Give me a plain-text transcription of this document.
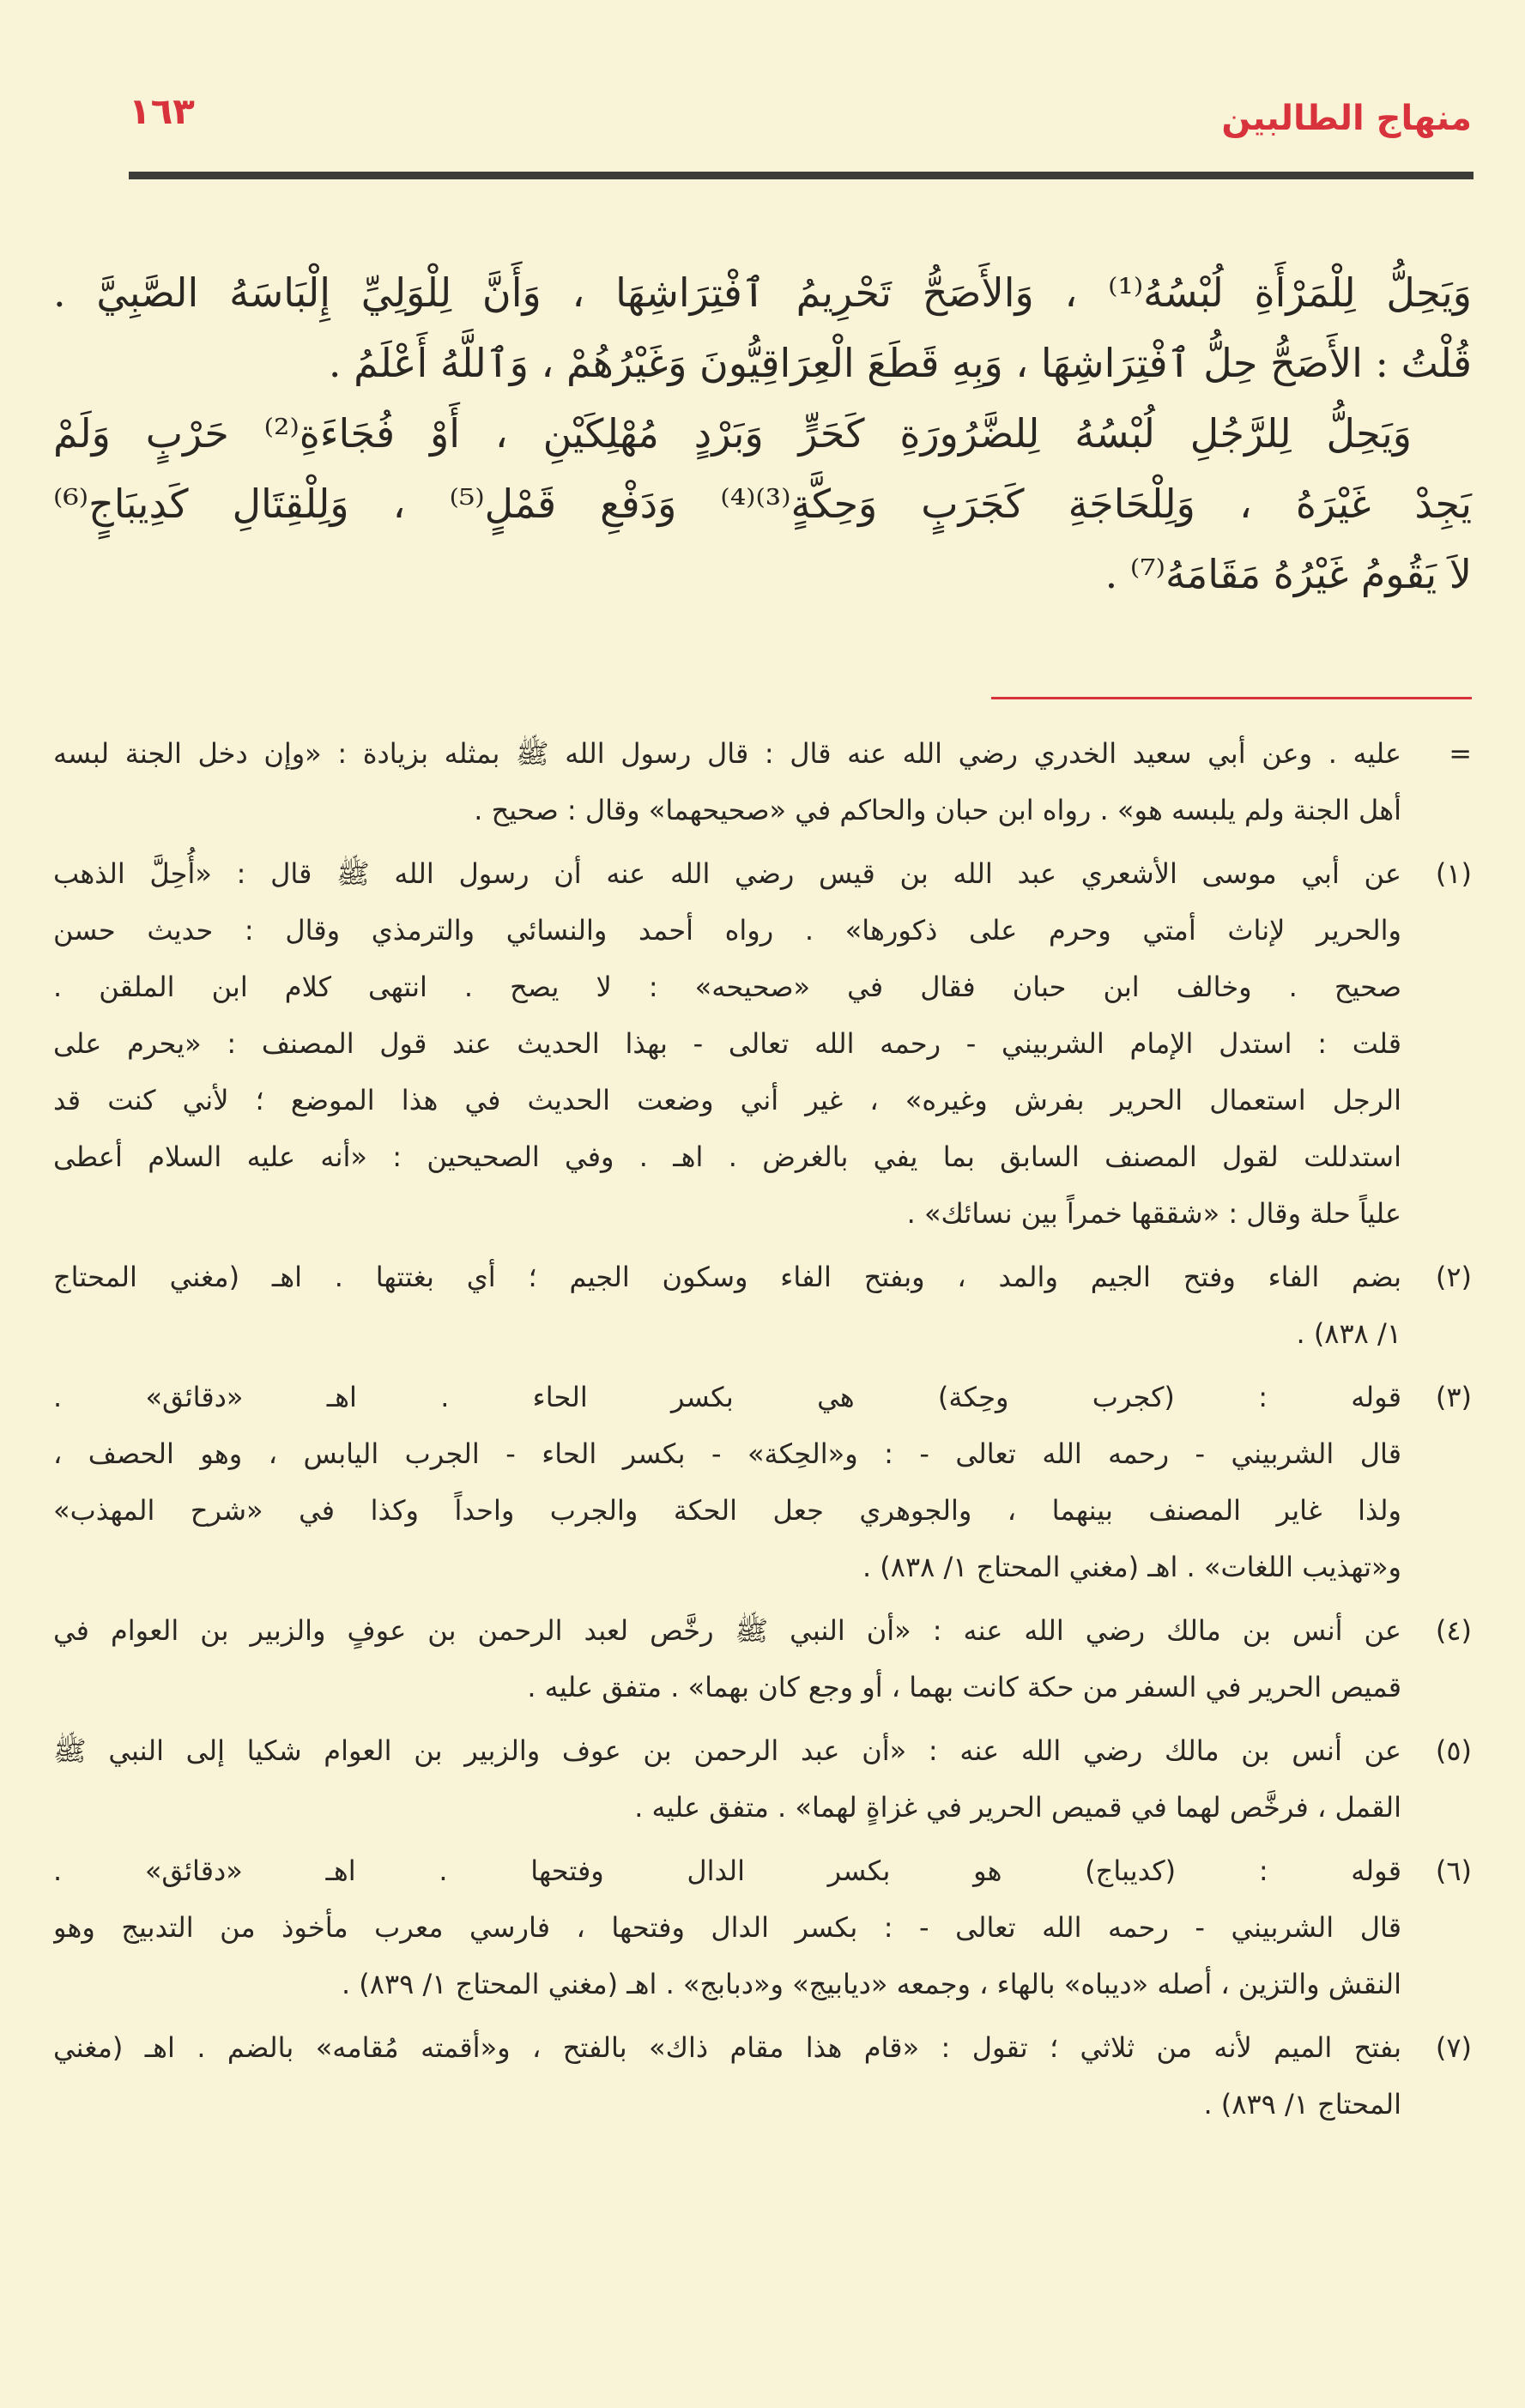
منهاج الطالبين
١٦٣
وَيَحِلُّ لِلْمَرْأَةِ لُبْسُهُ⁽¹⁾ ، وَالأَصَحُّ تَحْرِيمُ ٱفْتِرَاشِهَا ، وَأَنَّ لِلْوَلِيِّ إِلْبَاسَهُ الصَّبِيَّ .
قُلْتُ : الأَصَحُّ حِلُّ ٱفْتِرَاشِهَا ، وَبِهِ قَطَعَ الْعِرَاقِيُّونَ وَغَيْرُهُمْ ، وَٱللَّهُ أَعْلَمُ .
وَيَحِلُّ لِلرَّجُلِ لُبْسُهُ لِلضَّرُورَةِ كَحَرٍّ وَبَرْدٍ مُهْلِكَيْنِ ، أَوْ فُجَاءَةِ⁽²⁾ حَرْبٍ وَلَمْ
يَجِدْ غَيْرَهُ ، وَلِلْحَاجَةِ كَجَرَبٍ وَحِكَّةٍ⁽³⁾⁽⁴⁾ وَدَفْعِ قَمْلٍ⁽⁵⁾ ، وَلِلْقِتَالِ كَدِيبَاجٍ⁽⁶⁾
لاَ يَقُومُ غَيْرُهُ مَقَامَهُ⁽⁷⁾ .
=
عليه . وعن أبي سعيد الخدري رضي الله عنه قال : قال رسول الله ﷺ بمثله بزيادة : «وإن دخل الجنة لبسه
أهل الجنة ولم يلبسه هو» . رواه ابن حبان والحاكم في «صحيحهما» وقال : صحيح .
(١)
عن أبي موسى الأشعري عبد الله بن قيس رضي الله عنه أن رسول الله ﷺ قال : «أُحِلَّ الذهب
والحرير لإناث أمتي وحرم على ذكورها» . رواه أحمد والنسائي والترمذي وقال : حديث حسن
صحيح . وخالف ابن حبان فقال في «صحيحه» : لا يصح . انتهى كلام ابن الملقن .
قلت : استدل الإمام الشربيني - رحمه الله تعالى - بهذا الحديث عند قول المصنف : «يحرم على
الرجل استعمال الحرير بفرش وغيره» ، غير أني وضعت الحديث في هذا الموضع ؛ لأني كنت قد
استدللت لقول المصنف السابق بما يفي بالغرض . اهـ . وفي الصحيحين : «أنه عليه السلام أعطى
علياً حلة وقال : «شققها خمراً بين نسائك» .
(٢)
بضم الفاء وفتح الجيم والمد ، وبفتح الفاء وسكون الجيم ؛ أي بغتتها . اهـ (مغني المحتاج
١/ ٨٣٨) .
(٣)
قوله : (كجرب وحِكة) هي بكسر الحاء . اهـ «دقائق» .
قال الشربيني - رحمه الله تعالى - : و«الحِكة» - بكسر الحاء - الجرب اليابس ، وهو الحصف ،
ولذا غاير المصنف بينهما ، والجوهري جعل الحكة والجرب واحداً وكذا في «شرح المهذب»
و«تهذيب اللغات» . اهـ (مغني المحتاج ١/ ٨٣٨) .
(٤)
عن أنس بن مالك رضي الله عنه : «أن النبي ﷺ رخَّص لعبد الرحمن بن عوفٍ والزبير بن العوام في
قميص الحرير في السفر من حكة كانت بهما ، أو وجع كان بهما» . متفق عليه .
(٥)
عن أنس بن مالك رضي الله عنه : «أن عبد الرحمن بن عوف والزبير بن العوام شكيا إلى النبي ﷺ
القمل ، فرخَّص لهما في قميص الحرير في غزاةٍ لهما» . متفق عليه .
(٦)
قوله : (كديباج) هو بكسر الدال وفتحها . اهـ «دقائق» .
قال الشربيني - رحمه الله تعالى - : بكسر الدال وفتحها ، فارسي معرب مأخوذ من التدبيج وهو
النقش والتزين ، أصله «ديباه» بالهاء ، وجمعه «ديابيج» و«دبابج» . اهـ (مغني المحتاج ١/ ٨٣٩) .
(٧)
بفتح الميم لأنه من ثلاثي ؛ تقول : «قام هذا مقام ذاك» بالفتح ، و«أقمته مُقامه» بالضم . اهـ (مغني
المحتاج ١/ ٨٣٩) .
